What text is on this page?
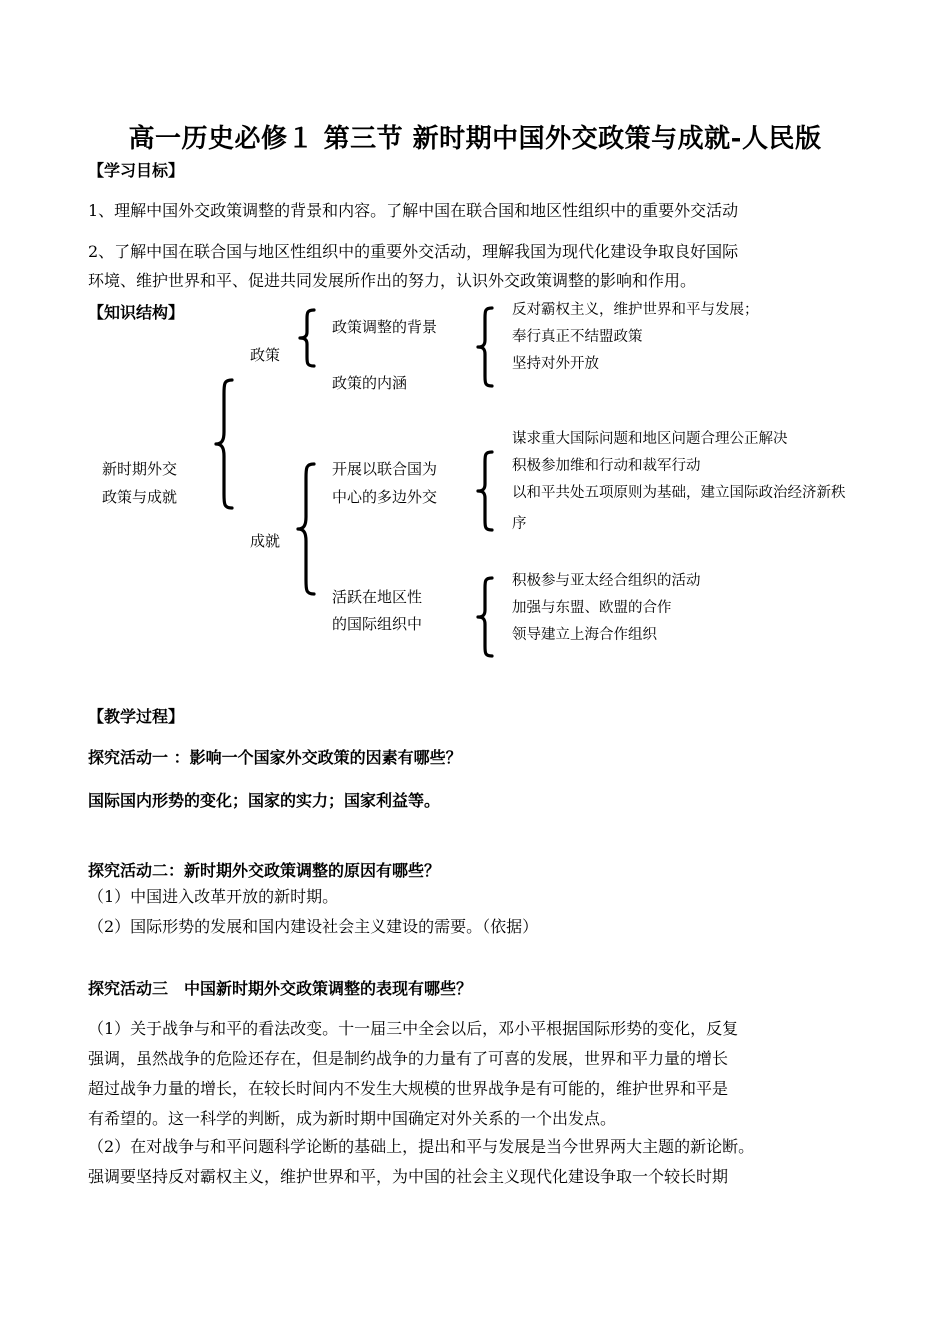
高一历史必修１ 第三节 新时期中国外交政策与成就-人民版
【学习目标】
1、理解中国外交政策调整的背景和内容。了解中国在联合国和地区性组织中的重要外交活动
2、了解中国在联合国与地区性组织中的重要外交活动，理解我国为现代化建设争取良好国际
环境、维护世界和平、促进共同发展所作出的努力，认识外交政策调整的影响和作用。
【知识结构】
新时期外交
政策与成就
政策
成就
政策调整的背景
政策的内涵
开展以联合国为
中心的多边外交
活跃在地区性
的国际组织中
反对霸权主义，维护世界和平与发展；
奉行真正不结盟政策
坚持对外开放
谋求重大国际问题和地区问题合理公正解决
积极参加维和行动和裁军行动
以和平共处五项原则为基础，建立国际政治经济新秩
序
积极参与亚太经合组织的活动
加强与东盟、欧盟的合作
领导建立上海合作组织
【教学过程】
探究活动一 ：影响一个国家外交政策的因素有哪些？
国际国内形势的变化；国家的实力；国家利益等。
探究活动二：新时期外交政策调整的原因有哪些？
（1）中国进入改革开放的新时期。
（2）国际形势的发展和国内建设社会主义建设的需要。（依据）
探究活动三　中国新时期外交政策调整的表现有哪些？
（1）关于战争与和平的看法改变。十一届三中全会以后，邓小平根据国际形势的变化，反复
强调，虽然战争的危险还存在，但是制约战争的力量有了可喜的发展，世界和平力量的增长
超过战争力量的增长，在较长时间内不发生大规模的世界战争是有可能的，维护世界和平是
有希望的。这一科学的判断，成为新时期中国确定对外关系的一个出发点。
（2）在对战争与和平问题科学论断的基础上，提出和平与发展是当今世界两大主题的新论断。
强调要坚持反对霸权主义，维护世界和平，为中国的社会主义现代化建设争取一个较长时期
